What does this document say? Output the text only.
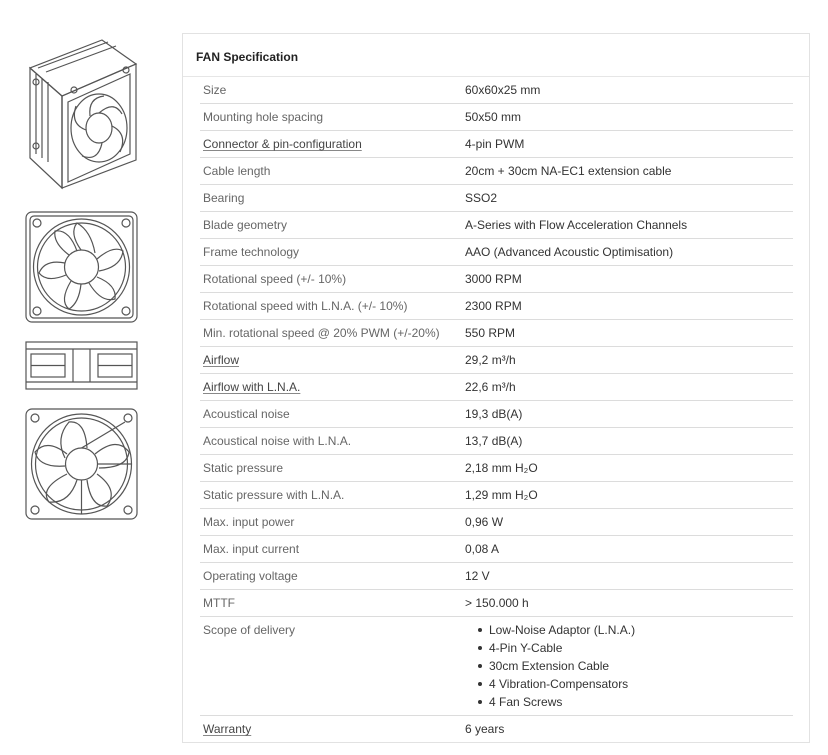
FAN Specification
Size	60x60x25 mm
Mounting hole spacing	50x50 mm
Connector & pin-configuration	4-pin PWM
Cable length	20cm + 30cm NA-EC1 extension cable
Bearing	SSO2
Blade geometry	A-Series with Flow Acceleration Channels
Frame technology	AAO (Advanced Acoustic Optimisation)
Rotational speed (+/- 10%)	3000 RPM
Rotational speed with L.N.A. (+/- 10%)	2300 RPM
Min. rotational speed @ 20% PWM (+/-20%) 550 RPM
Airflow	29,2 m³/h
Airflow with L.N.A.	22,6 m³/h
Acoustical noise	19,3 dB(A)
Acoustical noise with L.N.A.	13,7 dB(A)
Static pressure	2,18 mm H₂O
Static pressure with L.N.A.	1,29 mm H₂O
Max. input power	0,96 W
Max. input current	0,08 A
Operating voltage	12 V
MTTF	> 150.000 h
Scope of delivery	Low-Noise Adaptor (L.N.A.)
4-Pin Y-Cable
30cm Extension Cable
4 Vibration-Compensators
4 Fan Screws
Warranty	6 years
